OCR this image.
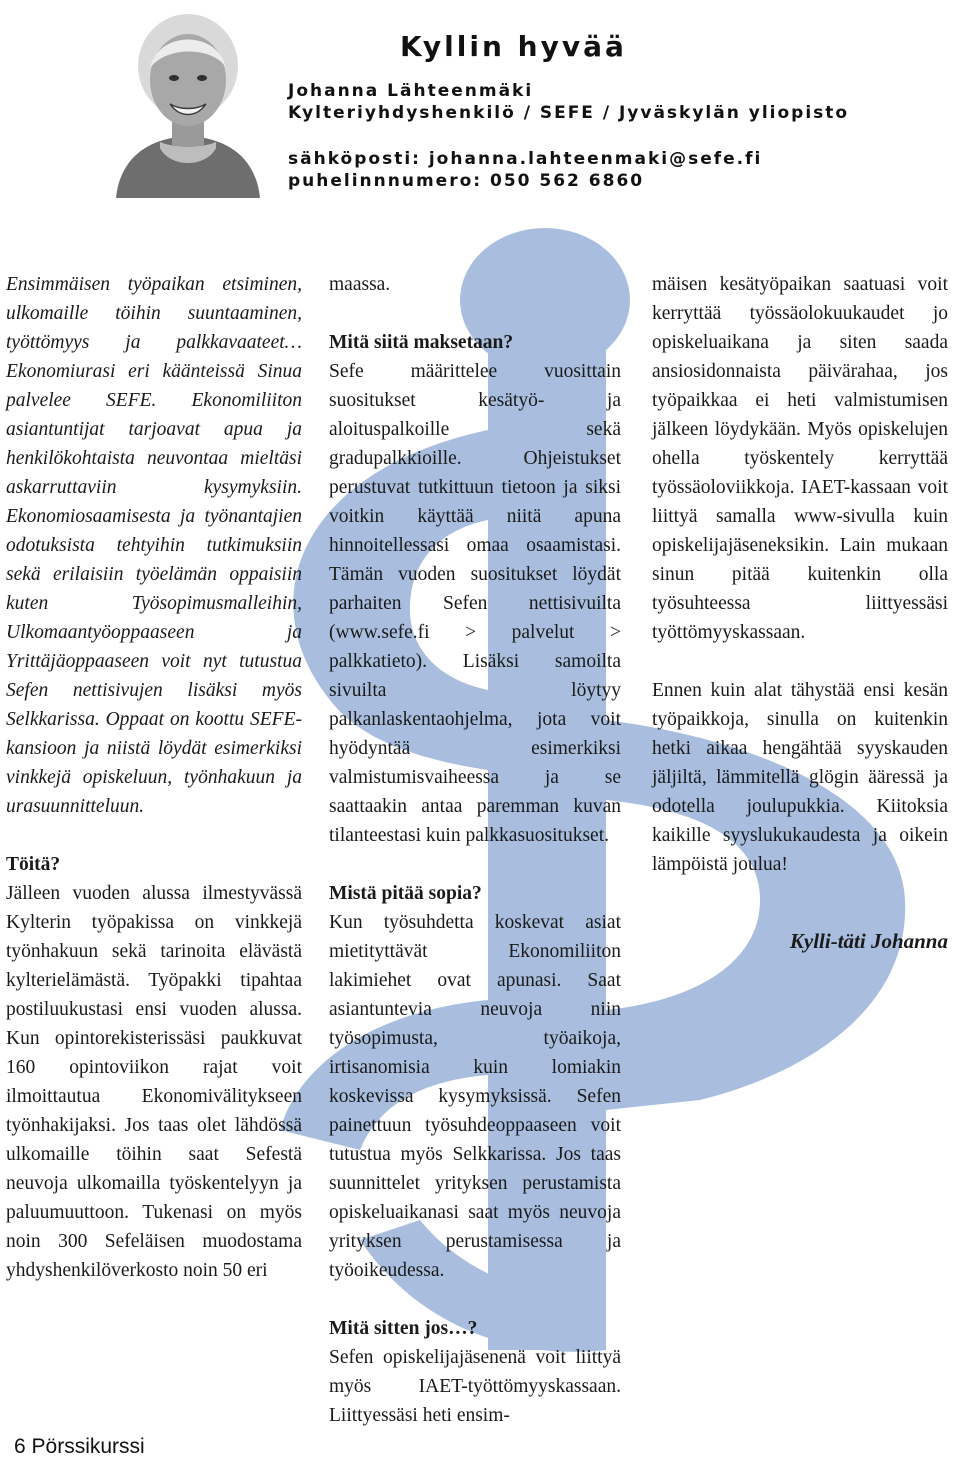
Kyllin hyvää
Johanna Lähteenmäki
Kylteriyhdyshenkilö / SEFE / Jyväskylän yliopisto
sähköposti: johanna.lahteenmaki@sefe.fi
puhelinnnumero: 050 562 6860

Ensimmäisen työpaikan etsiminen, ulkomaille töihin suuntaaminen, työttömyys ja palkkavaateet… Ekonomiurasi eri käänteissä Sinua palvelee SEFE. Ekonomiliiton asiantuntijat tarjoavat apua ja henkilökohtaista neuvontaa mieltäsi askarruttaviin kysymyksiin. Ekonomiosaamisesta ja työnantajien odotuksista tehtyihin tutkimuksiin sekä erilaisiin työelämän oppaisiin kuten Työsopimusmalleihin, Ulkomaantyöoppaaseen ja Yrittäjäoppaaseen voit nyt tutustua Sefen nettisivujen lisäksi myös Selkkarissa. Oppaat on koottu SEFE-kansioon ja niistä löydät esimerkiksi vinkkejä opiskeluun, työnhakuun ja urasuunnitteluun.

Töitä?

Jälleen vuoden alussa ilmestyvässä Kylterin työpakissa on vinkkejä työnhakuun sekä tarinoita elävästä kylterielämästä. Työpakki tipahtaa postiluukustasi ensi vuoden alussa. Kun opintorekisterissäsi paukkuvat 160 opintoviikon rajat voit ilmoittautua Ekonomivälitykseen työnhakijaksi. Jos taas olet lähdössä ulkomaille töihin saat Sefestä neuvoja ulkomailla työskentelyyn ja paluumuuttoon. Tukenasi on myös noin 300 Sefeläisen muodostama yhdyshenkilöverkosto noin 50 eri

maassa.

Mitä siitä maksetaan?

Sefe määrittelee vuosittain suositukset kesätyö- ja aloituspalkoille sekä gradupalkkioille. Ohjeistukset perustuvat tutkittuun tietoon ja siksi voitkin käyttää niitä apuna hinnoitellessasi omaa osaamistasi. Tämän vuoden suositukset löydät parhaiten Sefen nettisivuilta (www.sefe.fi > palvelut > palkkatieto). Lisäksi samoilta sivuilta löytyy palkanlaskentaohjelma, jota voit hyödyntää esimerkiksi valmistumisvaiheessa ja se saattaakin antaa paremman kuvan tilanteestasi kuin palkkasuositukset.

Mistä pitää sopia?

Kun työsuhdetta koskevat asiat mietityttävät Ekonomiliiton lakimiehet ovat apunasi. Saat asiantuntevia neuvoja niin työsopimusta, työaikoja, irtisanomisia kuin lomiakin koskevissa kysymyksissä. Sefen painettuun työsuhdeoppaaseen voit tutustua myös Selkkarissa. Jos taas suunnittelet yrityksen perustamista opiskeluaikanasi saat myös neuvoja yrityksen perustamisessa ja työoikeudessa.

Mitä sitten jos…?

Sefen opiskelijajäsenenä voit liittyä myös IAET-työttömyyskassaan. Liittyessäsi heti ensim-

mäisen kesätyöpaikan saatuasi voit kerryttää työssäolokuukaudet jo opiskeluaikana ja siten saada ansiosidonnaista päivärahaa, jos työpaikkaa ei heti valmistumisen jälkeen löydykään. Myös opiskelujen ohella työskentely kerryttää työssäoloviikkoja. IAET-kassaan voit liittyä samalla www-sivulla kuin opiskelijajäseneksikin. Lain mukaan sinun pitää kuitenkin olla työsuhteessa liittyessäsi työttömyyskassaan.

Ennen kuin alat tähystää ensi kesän työpaikkoja, sinulla on kuitenkin hetki aikaa hengähtää syyskauden jäljiltä, lämmitellä glögin ääressä ja odotella joulupukkia. Kiitoksia kaikille syyslukukaudesta ja oikein lämpöistä joulua!

Kylli-täti Johanna

6 Pörssikurssi
